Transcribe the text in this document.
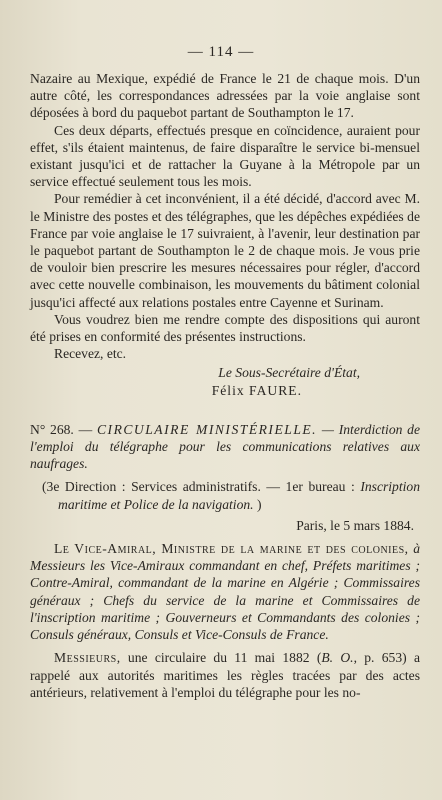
— 114 —

Nazaire au Mexique, expédié de France le 21 de chaque mois. D'un autre côté, les correspondances adressées par la voie anglaise sont déposées à bord du paquebot partant de Southampton le 17.

Ces deux départs, effectués presque en coïncidence, auraient pour effet, s'ils étaient maintenus, de faire disparaître le service bi-mensuel existant jusqu'ici et de rattacher la Guyane à la Métropole par un service effectué seulement tous les mois.

Pour remédier à cet inconvénient, il a été décidé, d'accord avec M. le Ministre des postes et des télégraphes, que les dépêches expédiées de France par voie anglaise le 17 suivraient, à l'avenir, leur destination par le paquebot partant de Southampton le 2 de chaque mois. Je vous prie de vouloir bien prescrire les mesures nécessaires pour régler, d'accord avec cette nouvelle combinaison, les mouvements du bâtiment colonial jusqu'ici affecté aux relations postales entre Cayenne et Surinam.

Vous voudrez bien me rendre compte des dispositions qui auront été prises en conformité des présentes instructions.

Recevez, etc.

Le Sous-Secrétaire d'État,

Félix FAURE.

N° 268. — CIRCULAIRE MINISTÉRIELLE. — Interdiction de l'emploi du télégraphe pour les communications relatives aux naufrages.

(3e Direction : Services administratifs. — 1er bureau : Inscription maritime et Police de la navigation. )

Paris, le 5 mars 1884.

Le Vice-Amiral, Ministre de la marine et des colonies, à Messieurs les Vice-Amiraux commandant en chef, Préfets maritimes ; Contre-Amiral, commandant de la marine en Algérie ; Commissaires généraux ; Chefs du service de la marine et Commissaires de l'inscription maritime ; Gouverneurs et Commandants des colonies ; Consuls généraux, Consuls et Vice-Consuls de France.

Messieurs, une circulaire du 11 mai 1882 (B. O., p. 653) a rappelé aux autorités maritimes les règles tracées par des actes antérieurs, relativement à l'emploi du télégraphe pour les no-
